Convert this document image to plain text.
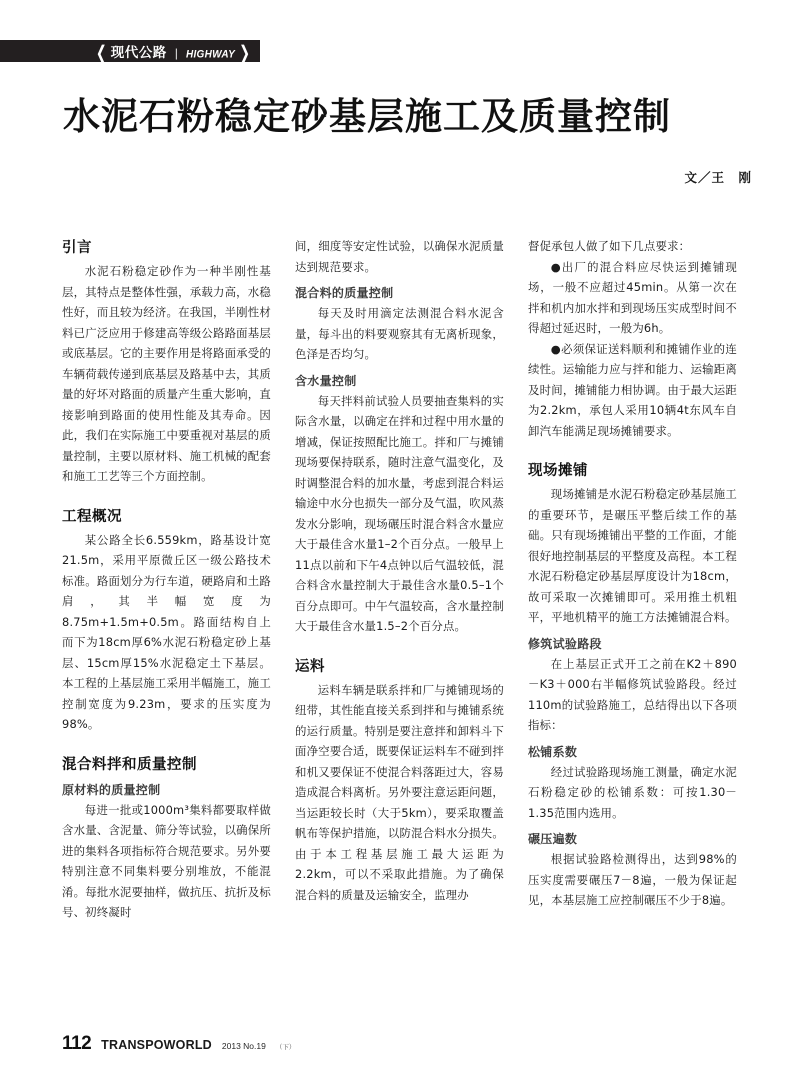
❮ 现代公路 ❘ HIGHWAY ❯
水泥石粉稳定砂基层施工及质量控制
文／王　刚
引言

水泥石粉稳定砂作为一种半刚性基层，其特点是整体性强，承载力高，水稳性好，而且较为经济。在我国，半刚性材料已广泛应用于修建高等级公路路面基层或底基层。它的主要作用是将路面承受的车辆荷载传递到底基层及路基中去，其质量的好坏对路面的质量产生重大影响，直接影响到路面的使用性能及其寿命。因此，我们在实际施工中要重视对基层的质量控制，主要以原材料、施工机械的配套和施工工艺等三个方面控制。

工程概况

某公路全长6.559km，路基设计宽21.5m，采用平原微丘区一级公路技术标准。路面划分为行车道，硬路肩和土路肩，其半幅宽度为8.75m+1.5m+0.5m。路面结构自上而下为18cm厚6%水泥石粉稳定砂上基层、15cm厚15%水泥稳定土下基层。本工程的上基层施工采用半幅施工，施工控制宽度为9.23m，要求的压实度为98%。

混合料拌和质量控制
原材料的质量控制

每进一批或1000m³集料都要取样做含水量、含泥量、筛分等试验，以确保所进的集料各项指标符合规范要求。另外要特别注意不同集料要分别堆放，不能混淆。每批水泥要抽样，做抗压、抗折及标号、初终凝时

间，细度等安定性试验，以确保水泥质量达到规范要求。

混合料的质量控制

每天及时用滴定法测混合料水泥含量，每斗出的料要观察其有无离析现象，色泽是否均匀。

含水量控制

每天拌料前试验人员要抽查集料的实际含水量，以确定在拌和过程中用水量的增减，保证按照配比施工。拌和厂与摊铺现场要保持联系，随时注意气温变化，及时调整混合料的加水量，考虑到混合料运输途中水分也损失一部分及气温，吹风蒸发水分影响，现场碾压时混合料含水量应大于最佳含水量1–2个百分点。一般早上11点以前和下午4点钟以后气温较低，混合料含水量控制大于最佳含水量0.5–1个百分点即可。中午气温较高，含水量控制大于最佳含水量1.5–2个百分点。

运料

运料车辆是联系拌和厂与摊铺现场的纽带，其性能直接关系到拌和与摊铺系统的运行质量。特别是要注意拌和卸料斗下面净空要合适，既要保证运料车不碰到拌和机又要保证不使混合料落距过大，容易造成混合料离析。另外要注意运距问题，当运距较长时（大于5km），要采取覆盖帆布等保护措施，以防混合料水分损失。由于本工程基层施工最大运距为2.2km，可以不采取此措施。为了确保混合料的质量及运输安全，监理办

督促承包人做了如下几点要求：

●出厂的混合料应尽快运到摊铺现场，一般不应超过45min。从第一次在拌和机内加水拌和到现场压实成型时间不得超过延迟时，一般为6h。

●必须保证送料顺利和摊铺作业的连续性。运输能力应与拌和能力、运输距离及时间，摊铺能力相协调。由于最大运距为2.2km，承包人采用10辆4t东风车自卸汽车能满足现场摊铺要求。

现场摊铺

现场摊铺是水泥石粉稳定砂基层施工的重要环节，是碾压平整后续工作的基础。只有现场摊铺出平整的工作面，才能很好地控制基层的平整度及高程。本工程水泥石粉稳定砂基层厚度设计为18cm，故可采取一次摊铺即可。采用推土机粗平，平地机精平的施工方法摊铺混合料。

修筑试验路段

在上基层正式开工之前在K2＋890－K3＋000右半幅修筑试验路段。经过110m的试验路施工，总结得出以下各项指标：

松铺系数

经过试验路现场施工测量，确定水泥石粉稳定砂的松铺系数：可按1.30－1.35范围内选用。

碾压遍数

根据试验路检测得出，达到98%的压实度需要碾压7－8遍，一般为保证起见，本基层施工应控制碾压不少于8遍。

112 TRANSPOWORLD 2013 No.19 （下）
